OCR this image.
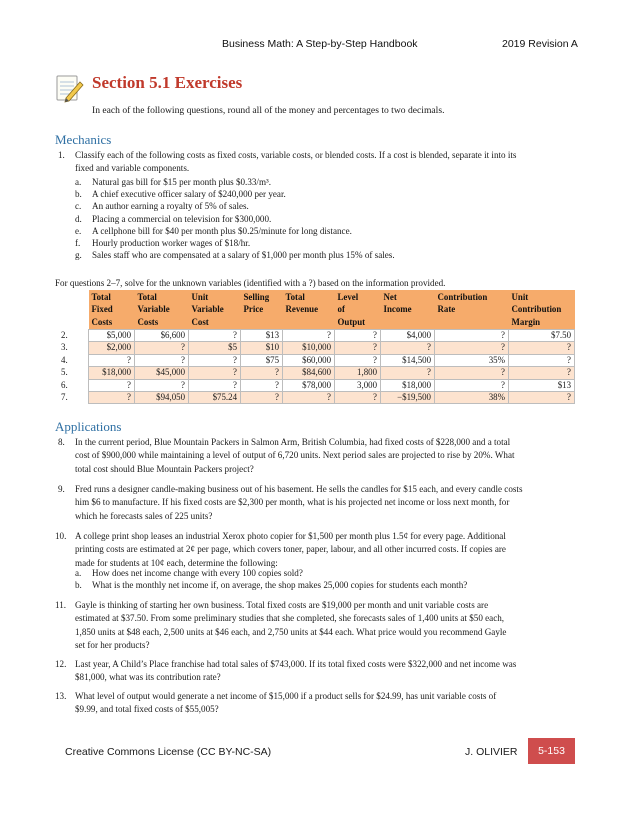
Business Math: A Step-by-Step Handbook	2019 Revision A
Section 5.1 Exercises
In each of the following questions, round all of the money and percentages to two decimals.
Mechanics
1.	Classify each of the following costs as fixed costs, variable costs, or blended costs. If a cost is blended, separate it into its
fixed and variable components.
a. Natural gas bill for $15 per month plus $0.33/m³.
b. A chief executive officer salary of $240,000 per year.
c. An author earning a royalty of 5% of sales.
d. Placing a commercial on television for $300,000.
e. A cellphone bill for $40 per month plus $0.25/minute for long distance.
f. Hourly production worker wages of $18/hr.
g. Sales staff who are compensated at a salary of $1,000 per month plus 15% of sales.
For questions 2–7, solve for the unknown variables (identified with a ?) based on the information provided.
	Total
Fixed
Costs	Total
Variable
Costs	Unit
Variable
Cost	Selling
Price	Total
Revenue	Level
of
Output	Net
Income	Contribution
Rate	Unit
Contribution
Margin
2.	$5,000	$6,600	?	$13	?	?	$4,000	?	$7.50
3.	$2,000	?	$5	$10	$10,000	?	?	?	?
4.	?	?	?	$75	$60,000	?	$14,500	35%	?
5.	$18,000	$45,000	?	?	$84,600	1,800	?	?	?
6.	?	?	?	?	$78,000	3,000	$18,000	?	$13
7.	?	$94,050	$75.24	?	?	?	−$19,500	38%	?
Applications
8.	In the current period, Blue Mountain Packers in Salmon Arm, British Columbia, had fixed costs of $228,000 and a total
cost of $900,000 while maintaining a level of output of 6,720 units. Next period sales are projected to rise by 20%. What
total cost should Blue Mountain Packers project?
9.	Fred runs a designer candle-making business out of his basement. He sells the candles for $15 each, and every candle costs
him $6 to manufacture. If his fixed costs are $2,300 per month, what is his projected net income or loss next month, for
which he forecasts sales of 225 units?
10. A college print shop leases an industrial Xerox photo copier for $1,500 per month plus 1.5¢ for every page. Additional
printing costs are estimated at 2¢ per page, which covers toner, paper, labour, and all other incurred costs. If copies are
made for students at 10¢ each, determine the following:
a. How does net income change with every 100 copies sold?
b. What is the monthly net income if, on average, the shop makes 25,000 copies for students each month?
11. Gayle is thinking of starting her own business. Total fixed costs are $19,000 per month and unit variable costs are
estimated at $37.50. From some preliminary studies that she completed, she forecasts sales of 1,400 units at $50 each,
1,850 units at $48 each, 2,500 units at $46 each, and 2,750 units at $44 each. What price would you recommend Gayle
set for her products?
12. Last year, A Child’s Place franchise had total sales of $743,000. If its total fixed costs were $322,000 and net income was
$81,000, what was its contribution rate?
13. What level of output would generate a net income of $15,000 if a product sells for $24.99, has unit variable costs of
$9.99, and total fixed costs of $55,005?
Creative Commons License (CC BY-NC-SA)	J. OLIVIER	5-153
